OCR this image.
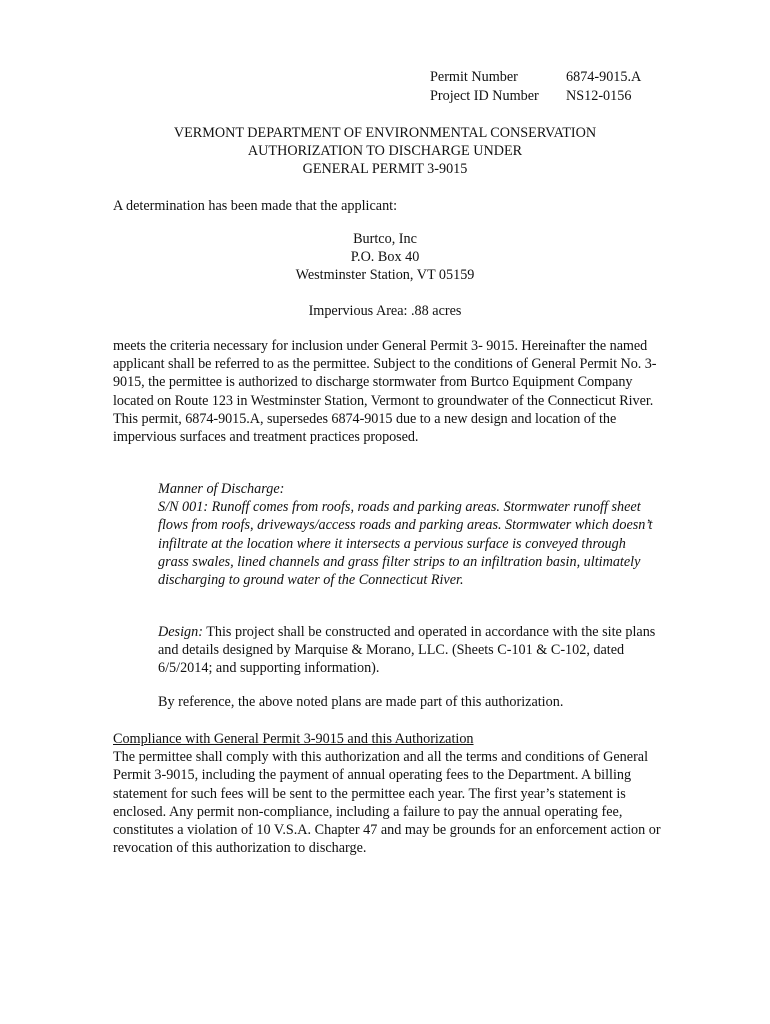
Permit Number	6874-9015.A
Project ID Number	NS12-0156
VERMONT DEPARTMENT OF ENVIRONMENTAL CONSERVATION
AUTHORIZATION TO DISCHARGE UNDER
GENERAL PERMIT 3-9015

A determination has been made that the applicant:

Burtco, Inc
P.O. Box 40
Westminster Station, VT 05159
Impervious Area: .88 acres

meets the criteria necessary for inclusion under General Permit 3- 9015. Hereinafter the named applicant shall be referred to as the permittee. Subject to the conditions of General Permit No. 3-9015, the permittee is authorized to discharge stormwater from Burtco Equipment Company located on Route 123 in Westminster Station, Vermont to groundwater of the Connecticut River. This permit, 6874-9015.A, supersedes 6874-9015 due to a new design and location of the impervious surfaces and treatment practices proposed.

Manner of Discharge:
S/N 001: Runoff comes from roofs, roads and parking areas. Stormwater runoff sheet flows from roofs, driveways/access roads and parking areas. Stormwater which doesn’t infiltrate at the location where it intersects a pervious surface is conveyed through grass swales, lined channels and grass filter strips to an infiltration basin, ultimately discharging to ground water of the Connecticut River.

Design: This project shall be constructed and operated in accordance with the site plans and details designed by Marquise & Morano, LLC. (Sheets C-101 & C-102, dated 6/5/2014; and supporting information).

By reference, the above noted plans are made part of this authorization.

Compliance with General Permit 3-9015 and this Authorization
The permittee shall comply with this authorization and all the terms and conditions of General Permit 3-9015, including the payment of annual operating fees to the Department. A billing statement for such fees will be sent to the permittee each year. The first year’s statement is enclosed. Any permit non-compliance, including a failure to pay the annual operating fee, constitutes a violation of 10 V.S.A. Chapter 47 and may be grounds for an enforcement action or revocation of this authorization to discharge.
